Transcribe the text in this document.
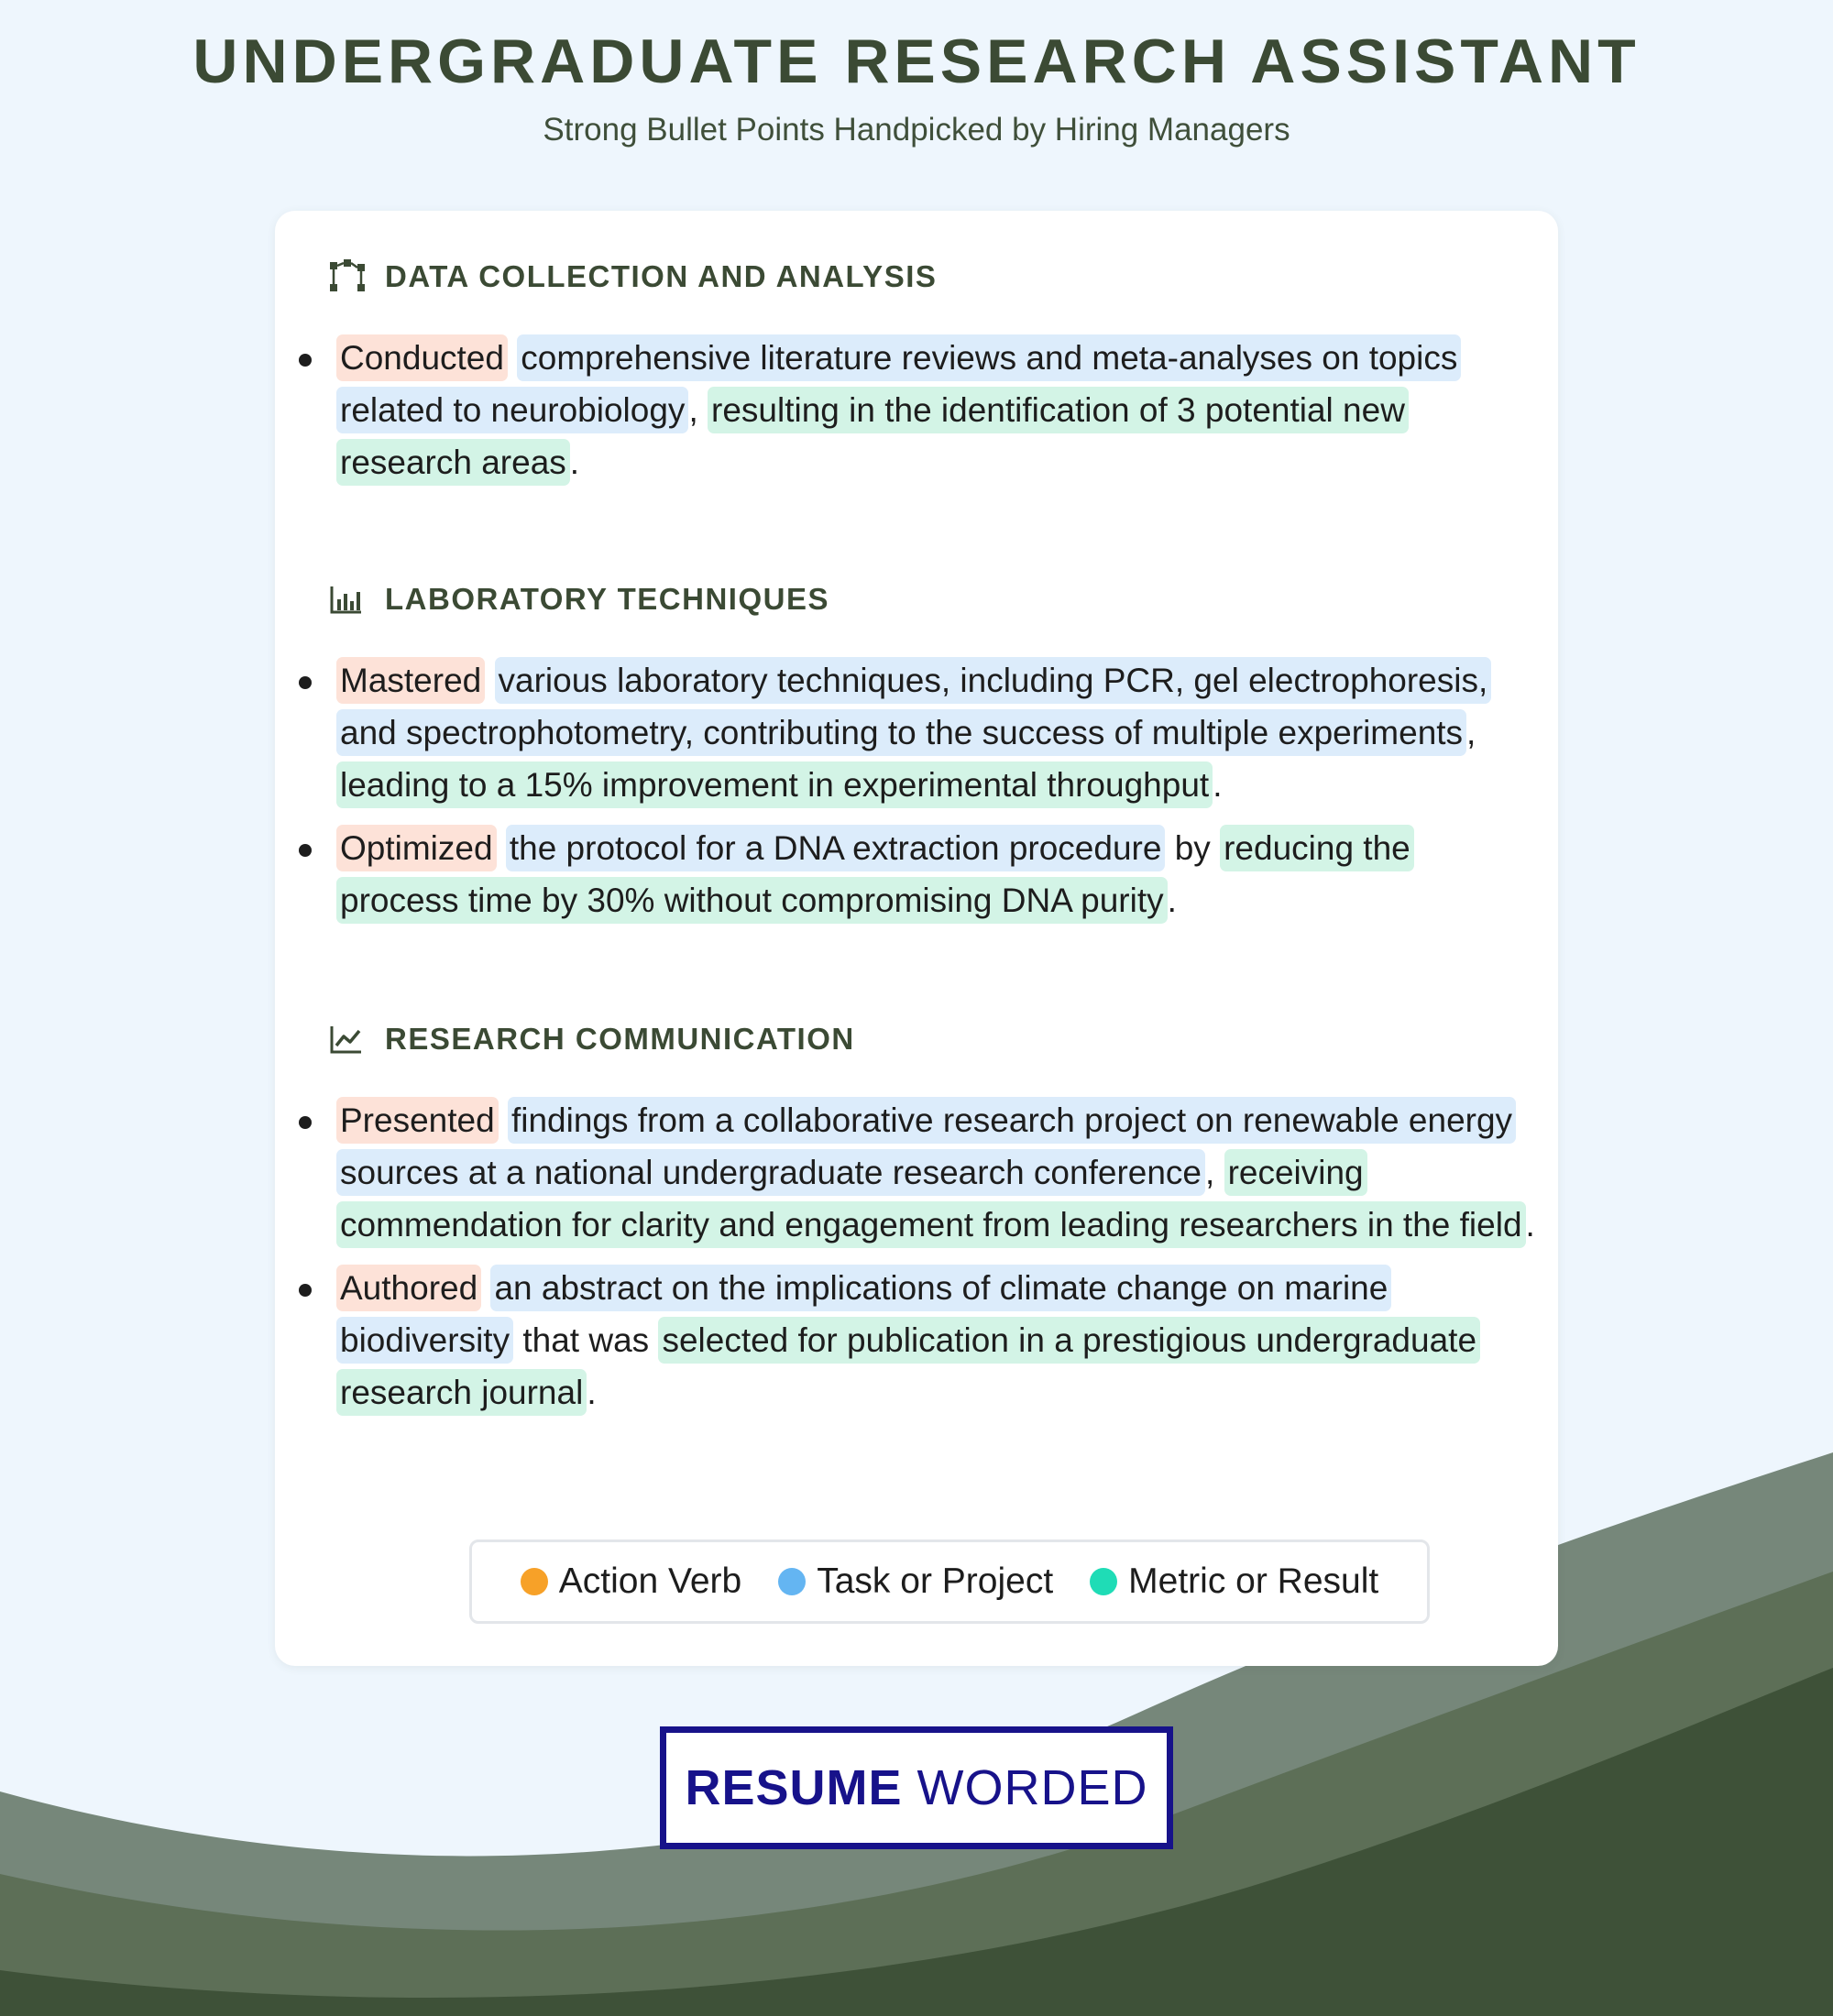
UNDERGRADUATE RESEARCH ASSISTANT
Strong Bullet Points Handpicked by Hiring Managers
DATA COLLECTION AND ANALYSIS
Conducted comprehensive literature reviews and meta-analyses on topics related to neurobiology , resulting in the identification of 3 potential new research areas .
LABORATORY TECHNIQUES
Mastered various laboratory techniques, including PCR, gel electrophoresis, and spectrophotometry, contributing to the success of multiple experiments , leading to a 15% improvement in experimental throughput .
Optimized the protocol for a DNA extraction procedure by reducing the process time by 30% without compromising DNA purity .
RESEARCH COMMUNICATION
Presented findings from a collaborative research project on renewable energy sources at a national undergraduate research conference , receiving commendation for clarity and engagement from leading researchers in the field .
Authored an abstract on the implications of climate change on marine biodiversity that was selected for publication in a prestigious undergraduate research journal .
Action Verb Task or Project Metric or Result
RESUME WORDED
